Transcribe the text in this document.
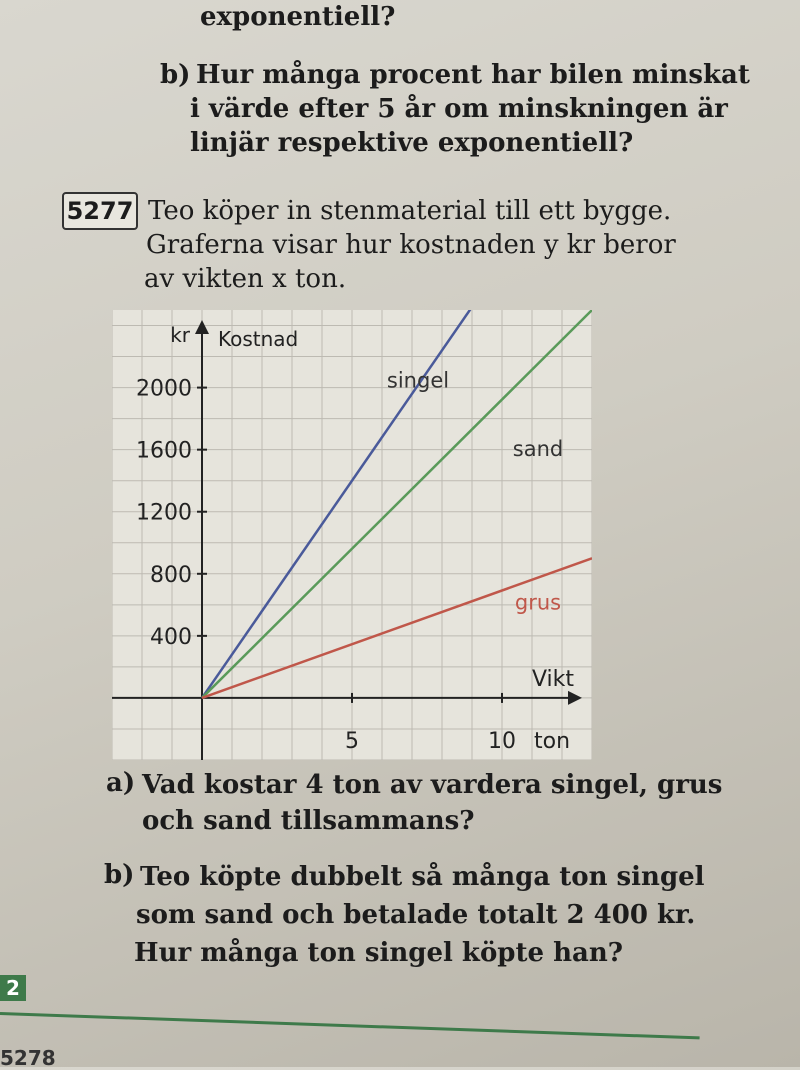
exponentiell?
b) Hur många procent har bilen minskat
i värde efter 5 år om minskningen är
linjär respektive exponentiell?
5277 Teo köper in stenmaterial till ett bygge.
Graferna visar hur kostnaden y kr beror
av vikten x ton.
400
800
1200
1600
2000
5	10 ton
Vikt
kr Kostnad
singel
sand
grus
a) Vad kostar 4 ton av vardera singel, grus
och sand tillsammans?
b) Teo köpte dubbelt så många ton singel
som sand och betalade totalt 2 400 kr.
Hur många ton singel köpte han?
2
5278
